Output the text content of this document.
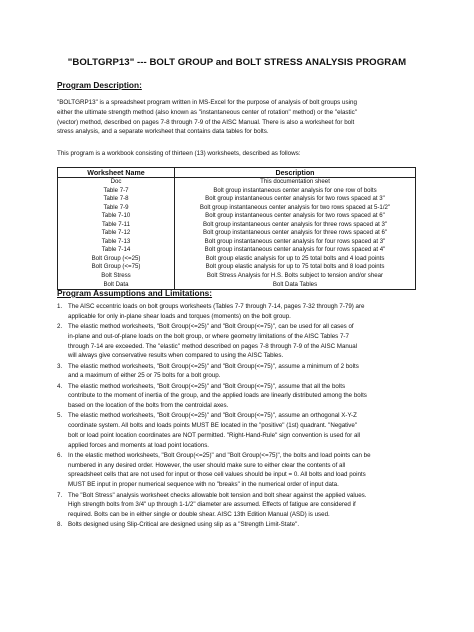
"BOLTGRP13" --- BOLT GROUP and BOLT STRESS ANALYSIS PROGRAM
Program Description:
"BOLTGRP13" is a spreadsheet program written in MS-Excel for the purpose of analysis of bolt groups using
either the ultimate strength method (also known as "instantaneous center of rotation" method) or the "elastic"
(vector) method, described on pages 7-8 through 7-9 of the AISC Manual. There is also a worksheet for bolt
stress analysis, and a separate worksheet that contains data tables for bolts.
This program is a workbook consisting of thirteen (13) worksheets, described as follows:
Worksheet Name	Description
Doc	This documentation sheet
Table 7-7	Bolt group instantaneous center analysis for one row of bolts
Table 7-8	Bolt group instantaneous center analysis for two rows spaced at 3"
Table 7-9	Bolt group instantaneous center analysis for two rows spaced at 5-1/2"
Table 7-10	Bolt group instantaneous center analysis for two rows spaced at 6"
Table 7-11	Bolt group instantaneous center analysis for three rows spaced at 3"
Table 7-12	Bolt group instantaneous center analysis for three rows spaced at 6"
Table 7-13	Bolt group instantaneous center analysis for four rows spaced at 3"
Table 7-14	Bolt group instantaneous center analysis for four rows spaced at 4"
Bolt Group (<=25)	Bolt group elastic analysis for up to 25 total bolts and 4 load points
Bolt Group (<=75)	Bolt group elastic analysis for up to 75 total bolts and 8 load points
Bolt Stress	Bolt Stress Analysis for H.S. Bolts subject to tension and/or shear
Bolt Data	Bolt Data Tables
Program Assumptions and Limitations:
1. The AISC eccentric loads on bolt groups worksheets (Tables 7-7 through 7-14, pages 7-32 through 7-79) are
applicable for only in-plane shear loads and torques (moments) on the bolt group.
2. The elastic method worksheets, "Bolt Group(<=25)" and "Bolt Group(<=75)", can be used for all cases of
in-plane and out-of-plane loads on the bolt group, or where geometry limitations of the AISC Tables 7-7
through 7-14 are exceeded. The "elastic" method described on pages 7-8 through 7-9 of the AISC Manual
will always give conservative results when compared to using the AISC Tables.
3. The elastic method worksheets, "Bolt Group(<=25)" and "Bolt Group(<=75)", assume a minimum of 2 bolts
and a maximum of either 25 or 75 bolts for a bolt group.
4. The elastic method worksheets, "Bolt Group(<=25)" and "Bolt Group(<=75)", assume that all the bolts
contribute to the moment of inertia of the group, and the applied loads are linearly distributed among the bolts
based on the location of the bolts from the centroidal axes.
5. The elastic method worksheets, "Bolt Group(<=25)" and "Bolt Group(<=75)", assume an orthogonal X-Y-Z
coordinate system. All bolts and loads points MUST BE located in the "positive" (1st) quadrant. "Negative"
bolt or load point location coordinates are NOT permitted. "Right-Hand-Rule" sign convention is used for all
applied forces and moments at load point locations.
6. In the elastic method worksheets, "Bolt Group(<=25)" and "Bolt Group(<=75)", the bolts and load points can be
numbered in any desired order. However, the user should make sure to either clear the contents of all
spreadsheet cells that are not used for input or those cell values should be input = 0. All bolts and load points
MUST BE input in proper numerical sequence with no "breaks" in the numerical order of input data.
7. The "Bolt Stress" analysis worksheet checks allowable bolt tension and bolt shear against the applied values.
High strength bolts from 3/4" up through 1-1/2" diameter are assumed. Effects of fatigue are considered if
required. Bolts can be in either single or double shear. AISC 13th Edition Manual (ASD) is used.
8. Bolts designed using Slip-Critical are designed using slip as a "Strength Limit-State".
